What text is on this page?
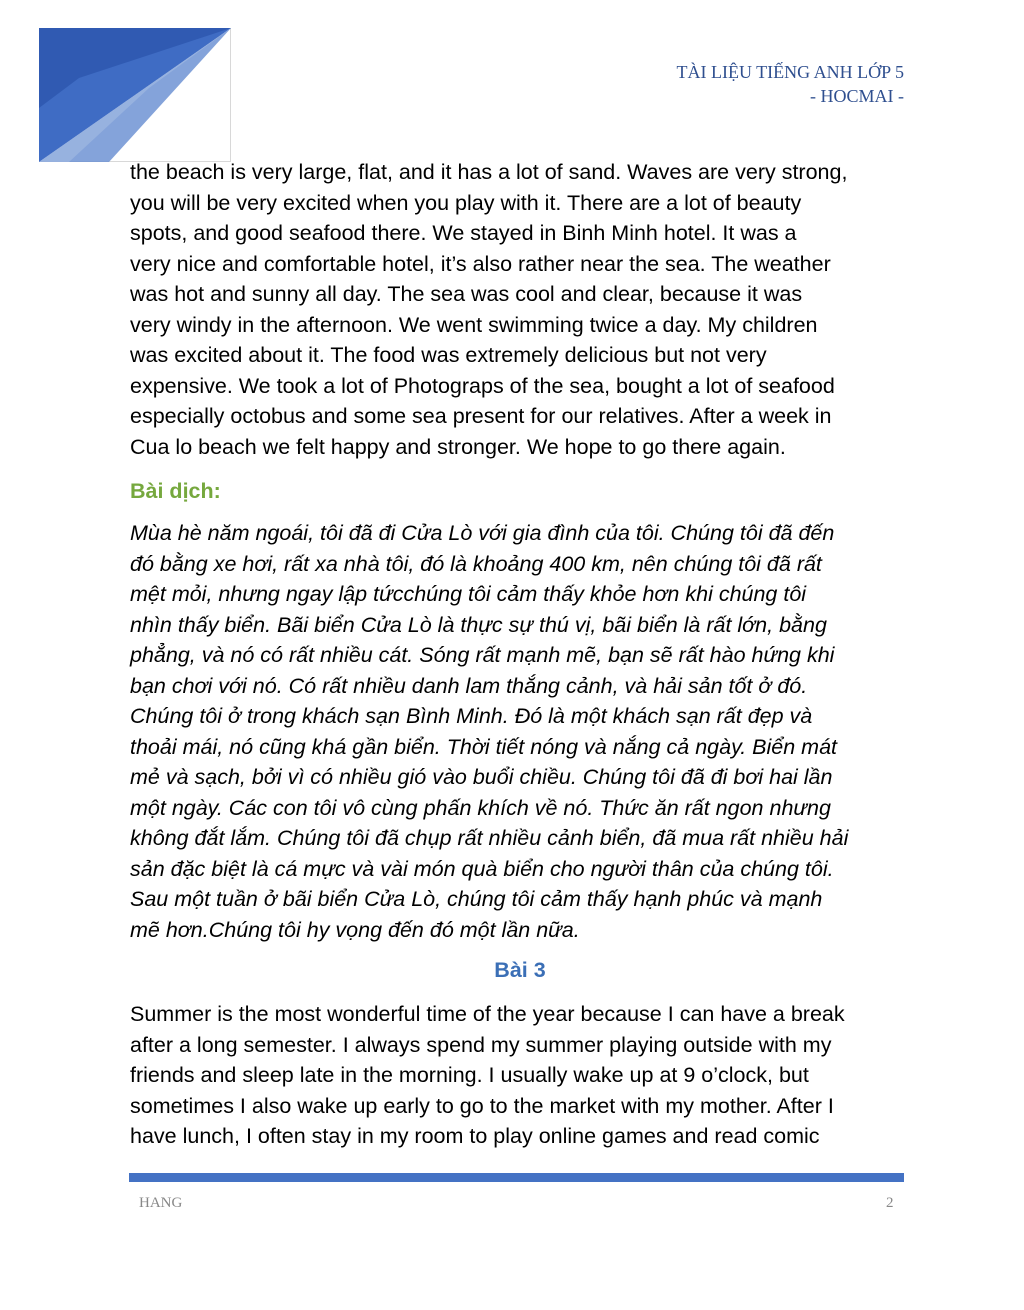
TÀI LIỆU TIẾNG ANH LỚP 5
- HOCMAI -

the beach is very large, flat, and it has a lot of sand. Waves are very strong,
you will be very excited when you play with it. There are a lot of beauty
spots, and good seafood there. We stayed in Binh Minh hotel. It was a
very nice and comfortable hotel, it’s also rather near the sea. The weather
was hot and sunny all day. The sea was cool and clear, because it was
very windy in the afternoon. We went swimming twice a day. My children
was excited about it. The food was extremely delicious but not very
expensive. We took a lot of Photograps of the sea, bought a lot of seafood
especially octobus and some sea present for our relatives. After a week in
Cua lo beach we felt happy and stronger. We hope to go there again.

Bài dịch:

Mùa hè năm ngoái, tôi đã đi Cửa Lò với gia đình của tôi. Chúng tôi đã đến
đó bằng xe hơi, rất xa nhà tôi, đó là khoảng 400 km, nên chúng tôi đã rất
mệt mỏi, nhưng ngay lập tứcchúng tôi cảm thấy khỏe hơn khi chúng tôi
nhìn thấy biển. Bãi biển Cửa Lò là thực sự thú vị, bãi biển là rất lớn, bằng
phẳng, và nó có rất nhiều cát. Sóng rất mạnh mẽ, bạn sẽ rất hào hứng khi
bạn chơi với nó. Có rất nhiều danh lam thắng cảnh, và hải sản tốt ở đó.
Chúng tôi ở trong khách sạn Bình Minh. Đó là một khách sạn rất đẹp và
thoải mái, nó cũng khá gần biển. Thời tiết nóng và nắng cả ngày. Biển mát
mẻ và sạch, bởi vì có nhiều gió vào buổi chiều. Chúng tôi đã đi bơi hai lần
một ngày. Các con tôi vô cùng phấn khích về nó. Thức ăn rất ngon nhưng
không đắt lắm. Chúng tôi đã chụp rất nhiều cảnh biển, đã mua rất nhiều hải
sản đặc biệt là cá mực và vài món quà biển cho người thân của chúng tôi.
Sau một tuần ở bãi biển Cửa Lò, chúng tôi cảm thấy hạnh phúc và mạnh
mẽ hơn.Chúng tôi hy vọng đến đó một lần nữa.

Bài 3

Summer is the most wonderful time of the year because I can have a break
after a long semester. I always spend my summer playing outside with my
friends and sleep late in the morning. I usually wake up at 9 o’clock, but
sometimes I also wake up early to go to the market with my mother. After I
have lunch, I often stay in my room to play online games and read comic

HANG	2
